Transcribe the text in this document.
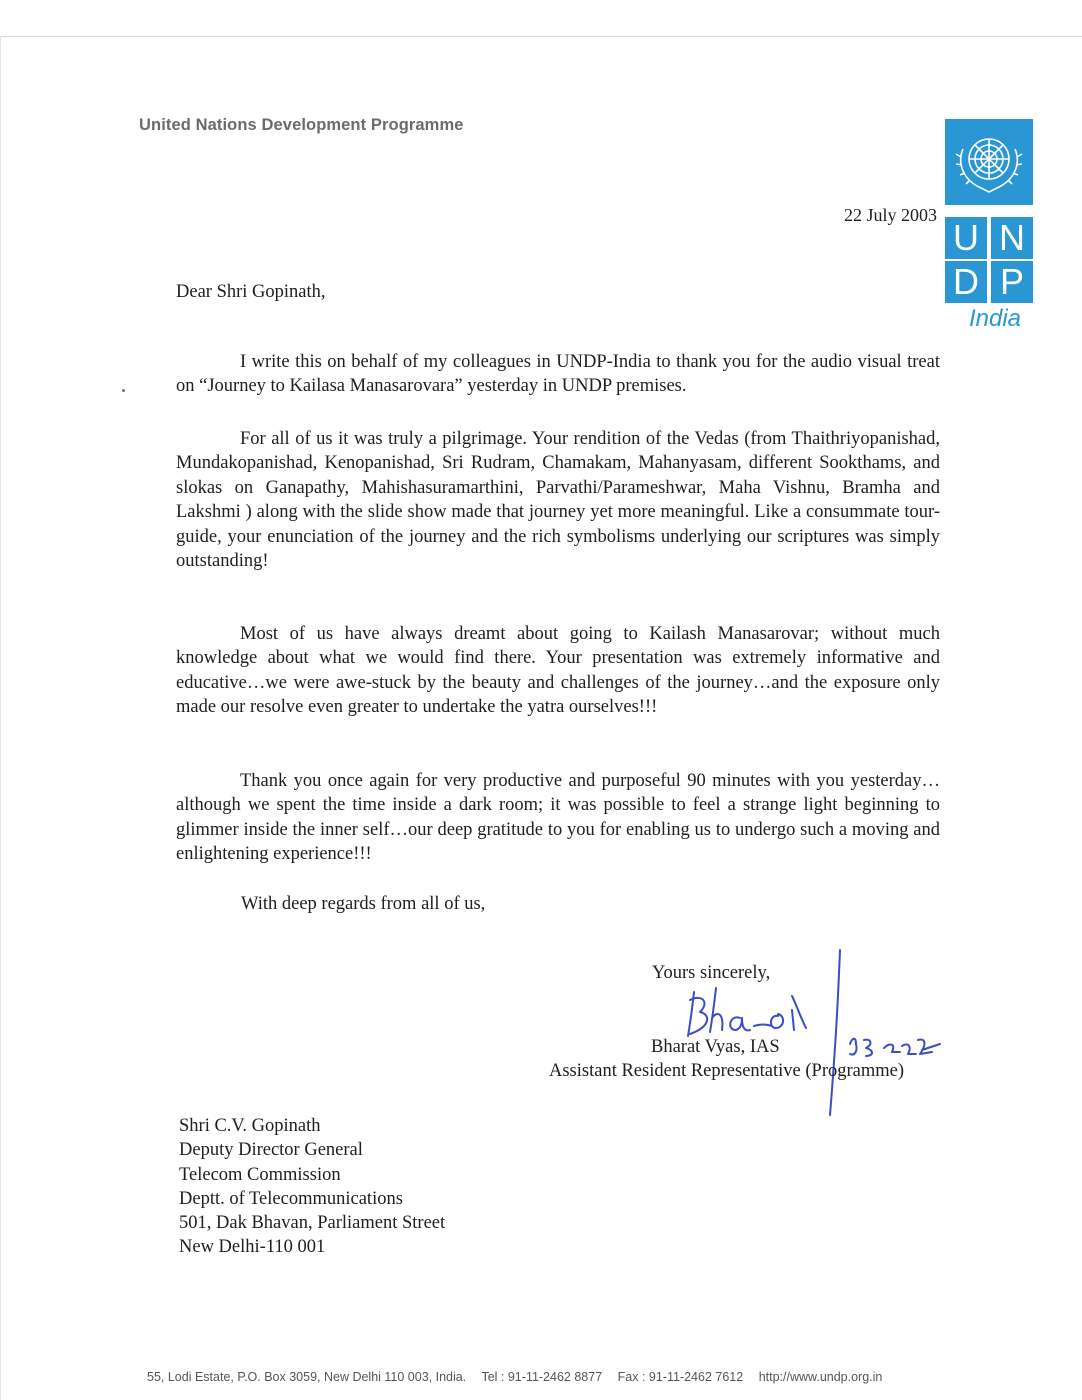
United Nations Development Programme
U N
D P
India
22 July 2003
Dear Shri Gopinath,

I write this on behalf of my colleagues in UNDP-India to thank you for the audio visual treat on “Journey to Kailasa Manasarovara” yesterday in UNDP premises.

For all of us it was truly a pilgrimage. Your rendition of the Vedas (from Thaithriyopanishad, Mundakopanishad, Kenopanishad, Sri Rudram, Chamakam, Mahanyasam, different Sookthams, and slokas on Ganapathy, Mahishasuramarthini, Parvathi/Parameshwar, Maha Vishnu, Bramha and Lakshmi ) along with the slide show made that journey yet more meaningful. Like a consummate tour-guide, your enunciation of the journey and the rich symbolisms underlying our scriptures was simply outstanding!

Most of us have always dreamt about going to Kailash Manasarovar; without much knowledge about what we would find there. Your presentation was extremely informative and educative…we were awe-stuck by the beauty and challenges of the journey…and the exposure only made our resolve even greater to undertake the yatra ourselves!!!

Thank you once again for very productive and purposeful 90 minutes with you yesterday…although we spent the time inside a dark room; it was possible to feel a strange light beginning to glimmer inside the inner self…our deep gratitude to you for enabling us to undergo such a moving and enlightening experience!!!

With deep regards from all of us,
Yours sincerely,
Bharat Vyas, IAS
Assistant Resident Representative (Programme)
Shri C.V. Gopinath
Deputy Director General
Telecom Commission
Deptt. of Telecommunications
501, Dak Bhavan, Parliament Street
New Delhi-110 001
55, Lodi Estate, P.O. Box 3059, New Delhi 110 003, India. Tel : 91-11-2462 8877 Fax : 91-11-2462 7612 http://www.undp.org.in
